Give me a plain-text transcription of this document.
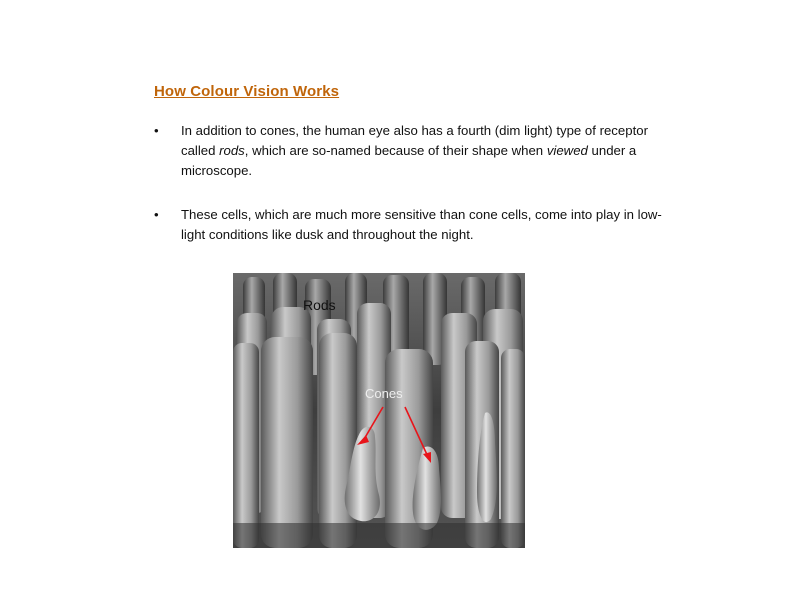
How Colour Vision Works
•	In addition to cones, the human eye also has a fourth (dim light) type of receptor called rods, which are so-named because of their shape when viewed under a microscope.
•	These cells, which are much more sensitive than cone cells, come into play in low-light conditions like dusk and throughout the night.
Rods
Cones
